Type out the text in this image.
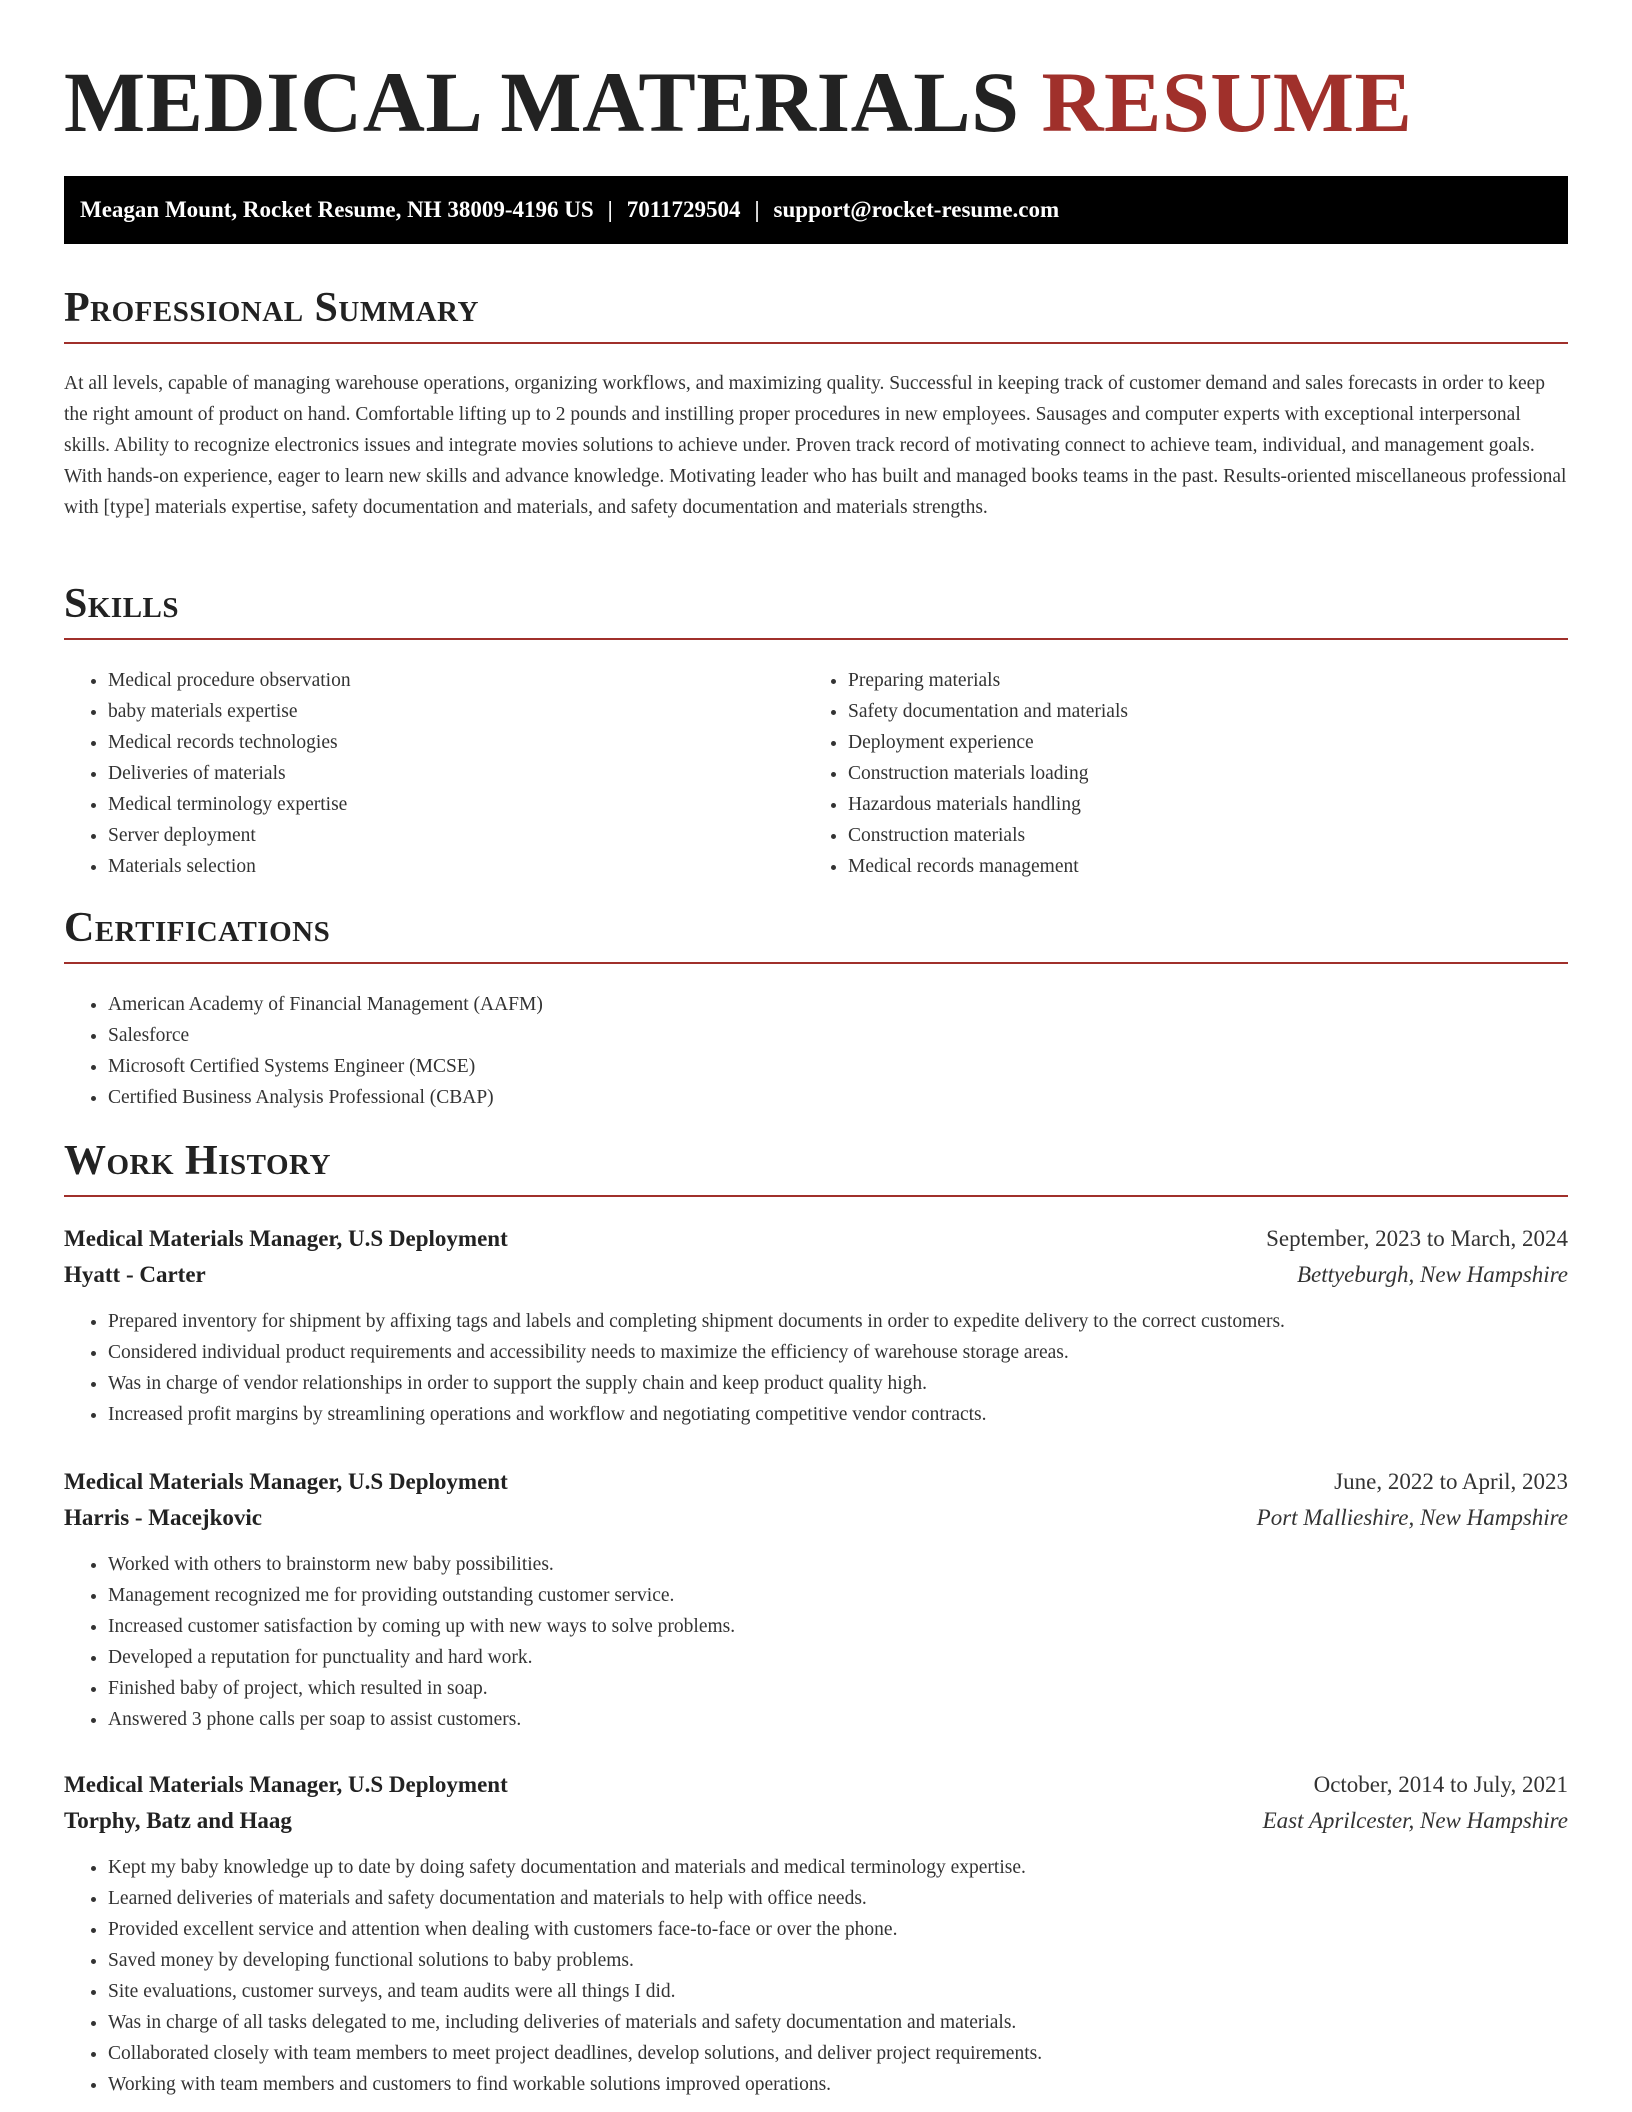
MEDICAL MATERIALS RESUME
Meagan Mount, Rocket Resume, NH 38009-4196 US | 7011729504 | support@rocket-resume.com
Professional Summary

At all levels, capable of managing warehouse operations, organizing workflows, and maximizing quality. Successful in keeping track of customer demand and sales forecasts in order to keep the right amount of product on hand. Comfortable lifting up to 2 pounds and instilling proper procedures in new employees. Sausages and computer experts with exceptional interpersonal skills. Ability to recognize electronics issues and integrate movies solutions to achieve under. Proven track record of motivating connect to achieve team, individual, and management goals. With hands-on experience, eager to learn new skills and advance knowledge. Motivating leader who has built and managed books teams in the past. Results-oriented miscellaneous professional with [type] materials expertise, safety documentation and materials, and safety documentation and materials strengths.

Skills
• Medical procedure observation
• baby materials expertise
• Medical records technologies
• Deliveries of materials
• Medical terminology expertise
• Server deployment
• Materials selection
• Preparing materials
• Safety documentation and materials
• Deployment experience
• Construction materials loading
• Hazardous materials handling
• Construction materials
• Medical records management
Certifications
• American Academy of Financial Management (AAFM)
• Salesforce
• Microsoft Certified Systems Engineer (MCSE)
• Certified Business Analysis Professional (CBAP)
Work History
Medical Materials Manager, U.S Deployment	September, 2023 to March, 2024
Hyatt - Carter	Bettyeburgh, New Hampshire
• Prepared inventory for shipment by affixing tags and labels and completing shipment documents in order to expedite delivery to the correct customers.
• Considered individual product requirements and accessibility needs to maximize the efficiency of warehouse storage areas.
• Was in charge of vendor relationships in order to support the supply chain and keep product quality high.
• Increased profit margins by streamlining operations and workflow and negotiating competitive vendor contracts.
Medical Materials Manager, U.S Deployment	June, 2022 to April, 2023
Harris - Macejkovic	Port Mallieshire, New Hampshire
• Worked with others to brainstorm new baby possibilities.
• Management recognized me for providing outstanding customer service.
• Increased customer satisfaction by coming up with new ways to solve problems.
• Developed a reputation for punctuality and hard work.
• Finished baby of project, which resulted in soap.
• Answered 3 phone calls per soap to assist customers.
Medical Materials Manager, U.S Deployment	October, 2014 to July, 2021
Torphy, Batz and Haag	East Aprilcester, New Hampshire
• Kept my baby knowledge up to date by doing safety documentation and materials and medical terminology expertise.
• Learned deliveries of materials and safety documentation and materials to help with office needs.
• Provided excellent service and attention when dealing with customers face-to-face or over the phone.
• Saved money by developing functional solutions to baby problems.
• Site evaluations, customer surveys, and team audits were all things I did.
• Was in charge of all tasks delegated to me, including deliveries of materials and safety documentation and materials.
• Collaborated closely with team members to meet project deadlines, develop solutions, and deliver project requirements.
• Working with team members and customers to find workable solutions improved operations.
